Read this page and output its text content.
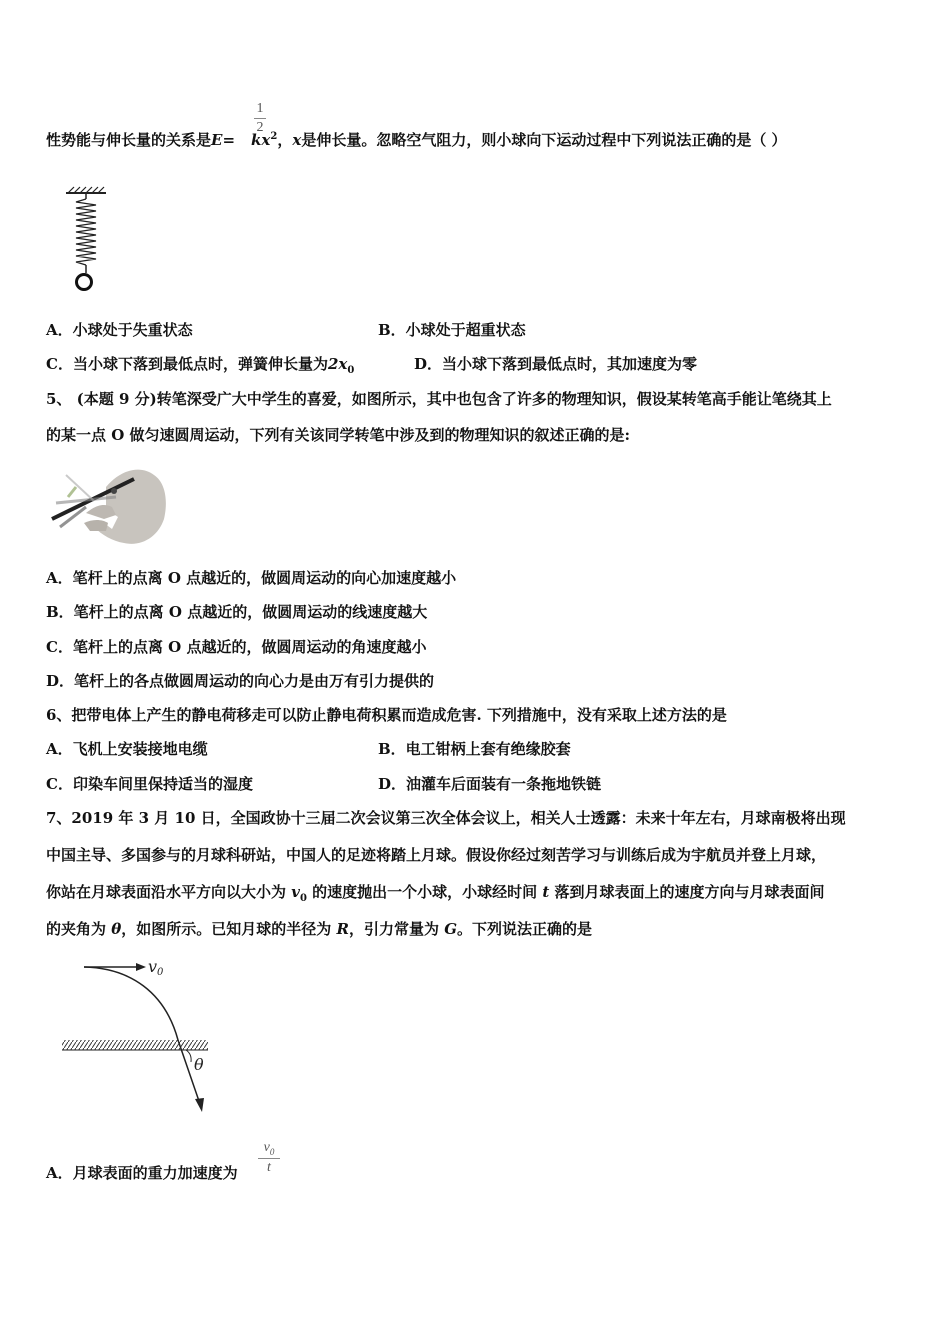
性势能与伸长量的关系是$E= kx^2$，x是伸长量。忽略空气阻力，则小球向下运动过程中下列说法正确的是（ ）
1
2
A．小球处于失重状态	B．小球处于超重状态
C．当小球下落到最低点时，弹簧伸长量为$2x_0$	D．当小球下落到最低点时，其加速度为零
5、 (本题 9 分)转笔深受广大中学生的喜爱，如图所示，其中也包含了许多的物理知识，假设某转笔高手能让笔绕其上
的某一点 O 做匀速圆周运动，下列有关该同学转笔中涉及到的物理知识的叙述正确的是:
A．笔杆上的点离 O 点越近的，做圆周运动的向心加速度越小
B．笔杆上的点离 O 点越近的，做圆周运动的线速度越大
C．笔杆上的点离 O 点越近的，做圆周运动的角速度越小
D．笔杆上的各点做圆周运动的向心力是由万有引力提供的
6、把带电体上产生的静电荷移走可以防止静电荷积累而造成危害. 下列措施中，没有采取上述方法的是
A．飞机上安装接地电缆	B．电工钳柄上套有绝缘胶套
C．印染车间里保持适当的湿度	D．油灌车后面装有一条拖地铁链
7、2019 年 3 月 10 日，全国政协十三届二次会议第三次全体会议上，相关人士透露：未来十年左右，月球南极将出现
中国主导、多国参与的月球科研站，中国人的足迹将踏上月球。假设你经过刻苦学习与训练后成为宇航员并登上月球，
你站在月球表面沿水平方向以大小为 $v_0$ 的速度抛出一个小球，小球经时间 t 落到月球表面上的速度方向与月球表面间
的夹角为 θ，如图所示。已知月球的半径为 R，引力常量为 G。下列说法正确的是
v0
θ
A．月球表面的重力加速度为
$v_0$
t
